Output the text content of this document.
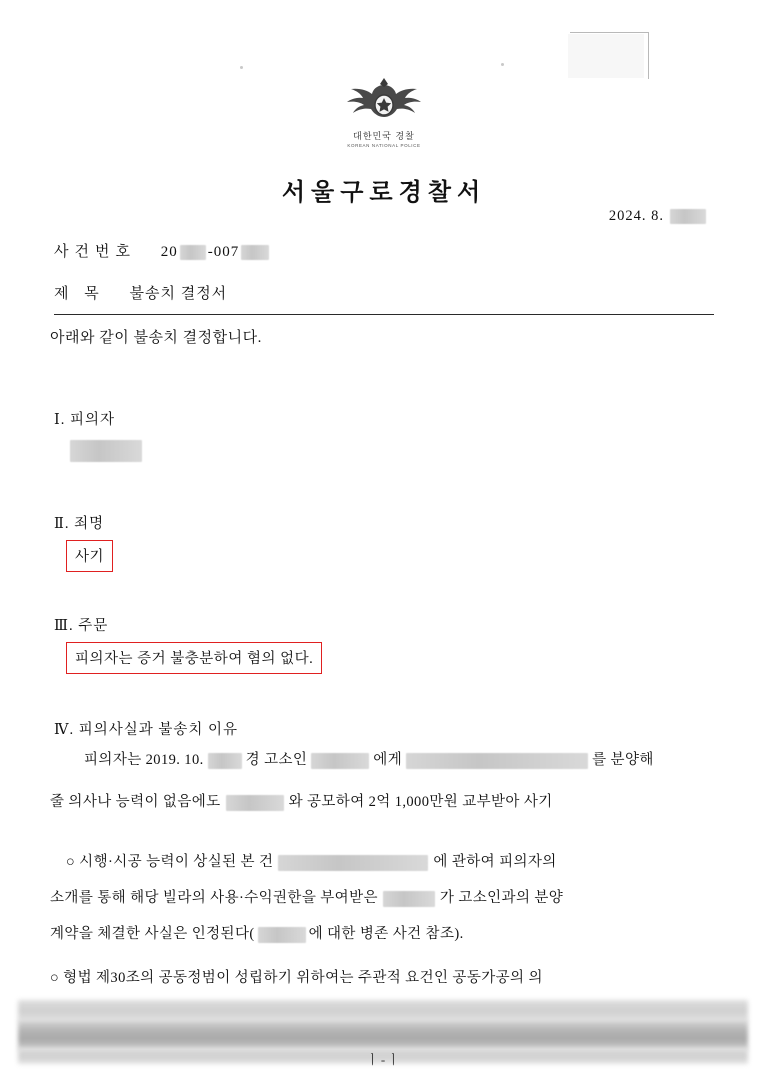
대한민국 경찰
KOREAN NATIONAL POLICE
서울구로경찰서
2024. 8.
사건번호 20 -007
제 목 불송치 결정서
아래와 같이 불송치 결정합니다.
Ⅰ. 피의자
Ⅱ. 죄명
사기
Ⅲ. 주문
피의자는 증거 불충분하여 혐의 없다.
Ⅳ. 피의사실과 불송치 이유
피의자는 2019. 10.	경 고소인	에게	를 분양해
줄 의사나 능력이 없음에도	와 공모하여 2억 1,000만원 교부받아 사기
○ 시행·시공 능력이 상실된 본 건	에 관하여 피의자의
소개를 통해 해당 빌라의 사용·수익권한을 부여받은	가 고소인과의 분양
계약을 체결한 사실은 인정된다(	에 대한 병존 사건 참조).
○ 형법 제30조의 공동정범이 성립하기 위하여는 주관적 요건인 공동가공의 의
ㅣ-ㅣ
